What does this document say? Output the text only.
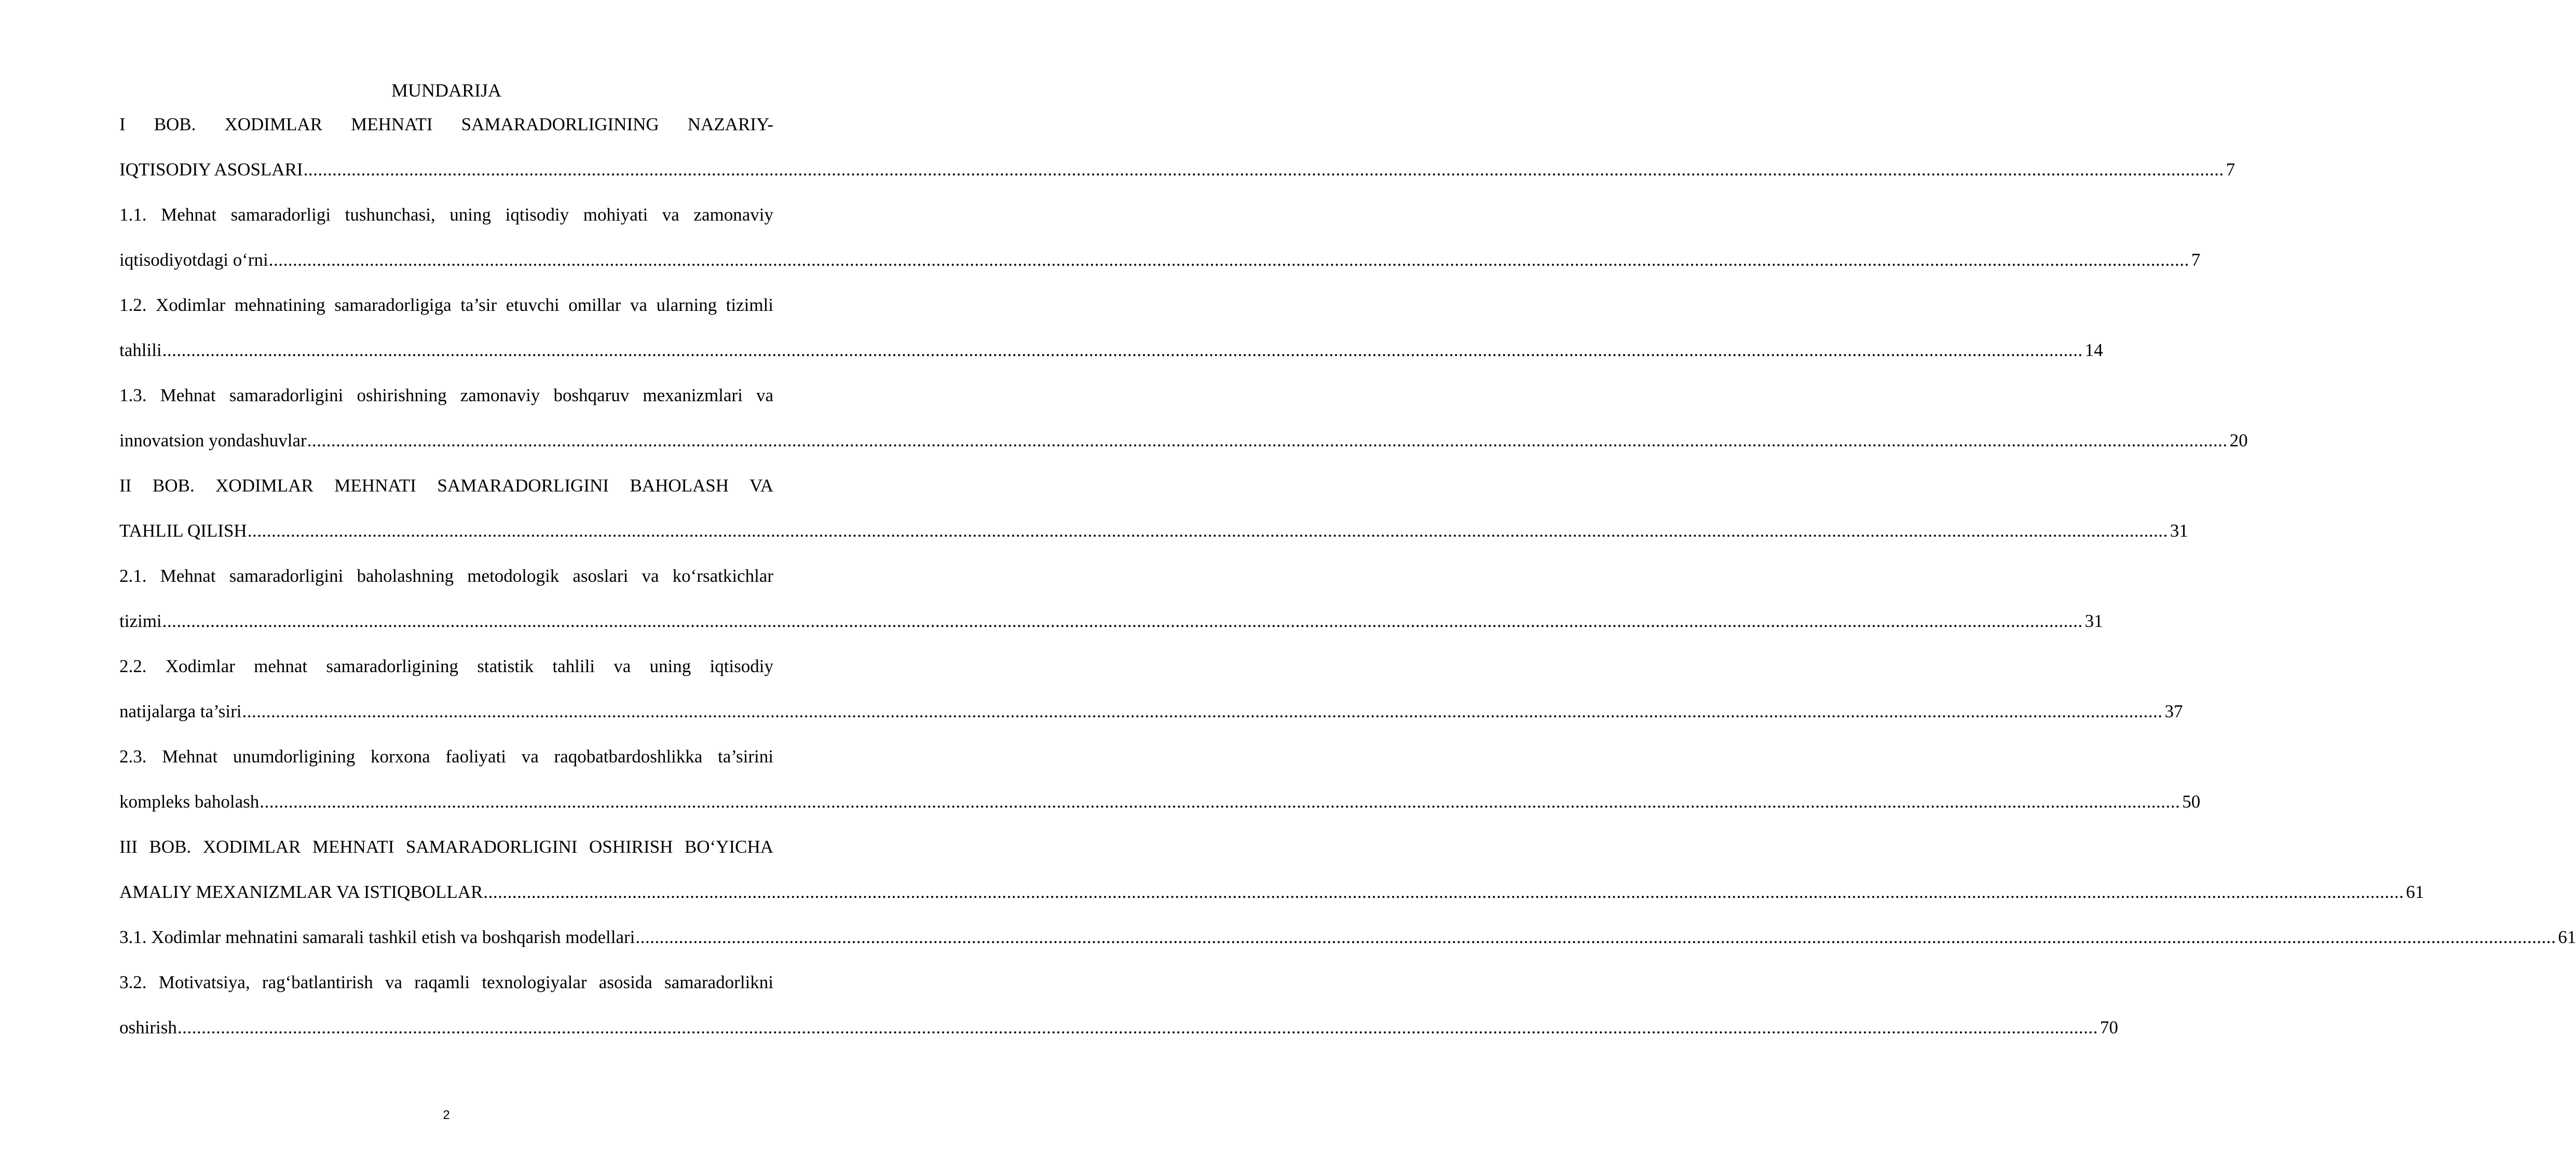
MUNDARIJA
I BOB. XODIMLAR MEHNATI SAMARADORLIGINING NAZARIY-
IQTISODIY ASOSLARI ................................................................................................................................................................................................................................................................................................................................................................................................................ 7
1.1. Mehnat samaradorligi tushunchasi, uning iqtisodiy mohiyati va zamonaviy
iqtisodiyotdagi o‘rni ................................................................................................................................................................................................................................................................................................................................................................................................................ 7
1.2. Xodimlar mehnatining samaradorligiga ta’sir etuvchi omillar va ularning tizimli
tahlili ................................................................................................................................................................................................................................................................................................................................................................................................................ 14
1.3. Mehnat samaradorligini oshirishning zamonaviy boshqaruv mexanizmlari va
innovatsion yondashuvlar ................................................................................................................................................................................................................................................................................................................................................................................................................ 20
II BOB. XODIMLAR MEHNATI SAMARADORLIGINI BAHOLASH VA
TAHLIL QILISH ................................................................................................................................................................................................................................................................................................................................................................................................................ 31
2.1. Mehnat samaradorligini baholashning metodologik asoslari va ko‘rsatkichlar
tizimi ................................................................................................................................................................................................................................................................................................................................................................................................................ 31
2.2. Xodimlar mehnat samaradorligining statistik tahlili va uning iqtisodiy
natijalarga ta’siri ................................................................................................................................................................................................................................................................................................................................................................................................................ 37
2.3. Mehnat unumdorligining korxona faoliyati va raqobatbardoshlikka ta’sirini
kompleks baholash ................................................................................................................................................................................................................................................................................................................................................................................................................ 50
III BOB. XODIMLAR MEHNATI SAMARADORLIGINI OSHIRISH BO‘YICHA
AMALIY MEXANIZMLAR VA ISTIQBOLLAR ................................................................................................................................................................................................................................................................................................................................................................................................................ 61
3.1. Xodimlar mehnatini samarali tashkil etish va boshqarish modellari ................................................................................................................................................................................................................................................................................................................................................................................................................ 61
3.2. Motivatsiya, rag‘batlantirish va raqamli texnologiyalar asosida samaradorlikni
oshirish ................................................................................................................................................................................................................................................................................................................................................................................................................ 70
2
